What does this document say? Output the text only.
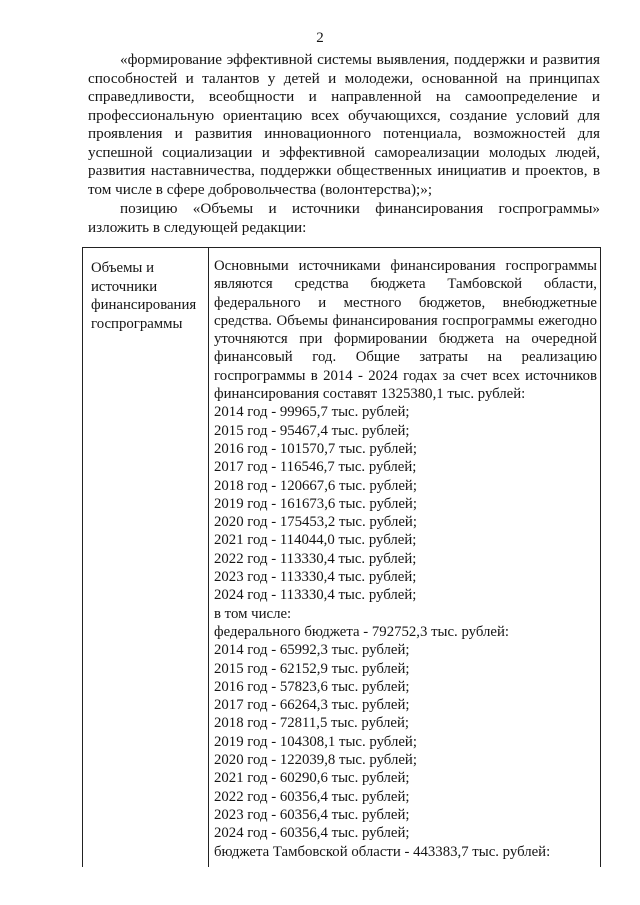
2

«формирование эффективной системы выявления, поддержки и развития способностей и талантов у детей и молодежи, основанной на принципах справедливости, всеобщности и направленной на самоопределение и профессиональную ориентацию всех обучающихся, создание условий для проявления и развития инновационного потенциала, возможностей для успешной социализации и эффективной самореализации молодых людей, развития наставничества, поддержки общественных инициатив и проектов, в том числе в сфере добровольчества (волонтерства);»;

позицию «Объемы и источники финансирования госпрограммы» изложить в следующей редакции:

Объемы и источники финансирования госпрограммы

Основными источниками финансирования госпрограммы являются средства бюджета Тамбовской области, федерального и местного бюджетов, внебюджетные средства. Объемы финансирования госпрограммы ежегодно уточняются при формировании бюджета на очередной финансовый год. Общие затраты на реализацию госпрограммы в 2014 - 2024 годах за счет всех источников финансирования составят 1325380,1 тыс. рублей:

2014 год - 99965,7 тыс. рублей;
2015 год - 95467,4 тыс. рублей;
2016 год - 101570,7 тыс. рублей;
2017 год - 116546,7 тыс. рублей;
2018 год - 120667,6 тыс. рублей;
2019 год - 161673,6 тыс. рублей;
2020 год - 175453,2 тыс. рублей;
2021 год - 114044,0 тыс. рублей;
2022 год - 113330,4 тыс. рублей;
2023 год - 113330,4 тыс. рублей;
2024 год - 113330,4 тыс. рублей;
в том числе:
федерального бюджета - 792752,3 тыс. рублей:
2014 год - 65992,3 тыс. рублей;
2015 год - 62152,9 тыс. рублей;
2016 год - 57823,6 тыс. рублей;
2017 год - 66264,3 тыс. рублей;
2018 год - 72811,5 тыс. рублей;
2019 год - 104308,1 тыс. рублей;
2020 год - 122039,8 тыс. рублей;
2021 год - 60290,6 тыс. рублей;
2022 год - 60356,4 тыс. рублей;
2023 год - 60356,4 тыс. рублей;
2024 год - 60356,4 тыс. рублей;
бюджета Тамбовской области - 443383,7 тыс. рублей:
